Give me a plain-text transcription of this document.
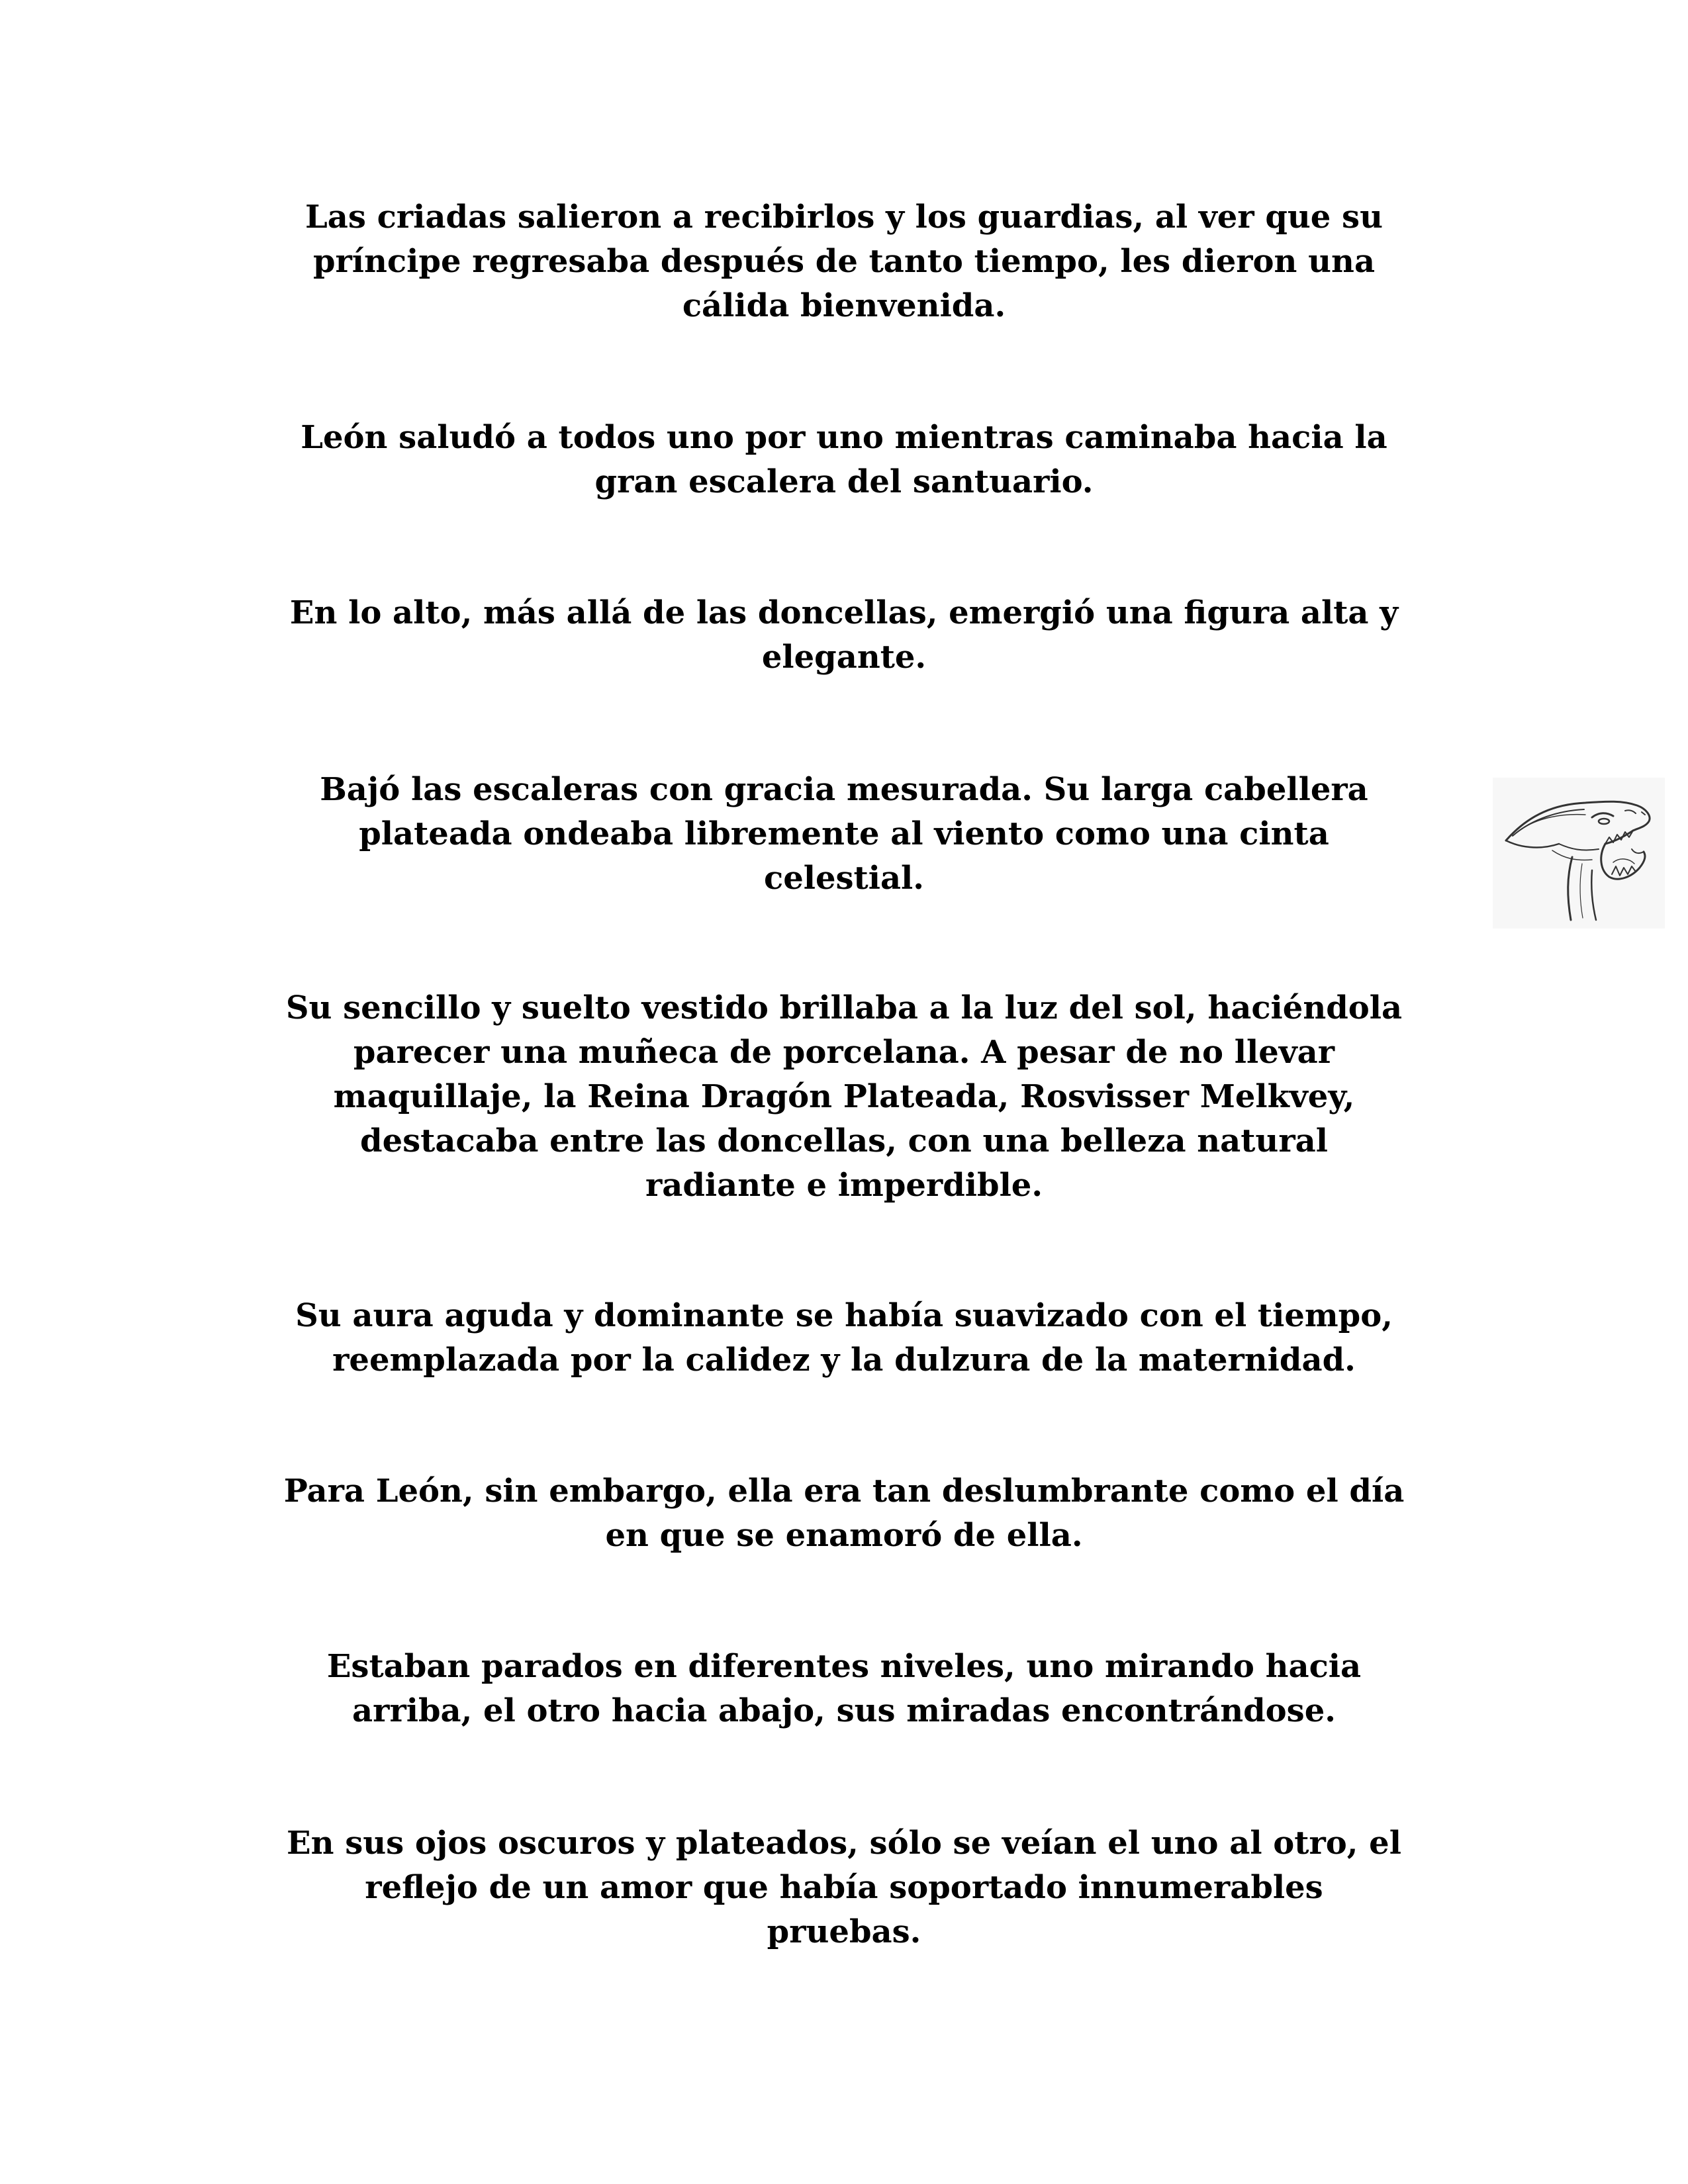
Las criadas salieron a recibirlos y los guardias, al ver que su
príncipe regresaba después de tanto tiempo, les dieron una
cálida bienvenida.
León saludó a todos uno por uno mientras caminaba hacia la
gran escalera del santuario.
En lo alto, más allá de las doncellas, emergió una figura alta y
elegante.
Bajó las escaleras con gracia mesurada. Su larga cabellera
plateada ondeaba libremente al viento como una cinta
celestial.
Su sencillo y suelto vestido brillaba a la luz del sol, haciéndola
parecer una muñeca de porcelana. A pesar de no llevar
maquillaje, la Reina Dragón Plateada, Rosvisser Melkvey,
destacaba entre las doncellas, con una belleza natural
radiante e imperdible.
Su aura aguda y dominante se había suavizado con el tiempo,
reemplazada por la calidez y la dulzura de la maternidad.
Para León, sin embargo, ella era tan deslumbrante como el día
en que se enamoró de ella.
Estaban parados en diferentes niveles, uno mirando hacia
arriba, el otro hacia abajo, sus miradas encontrándose.
En sus ojos oscuros y plateados, sólo se veían el uno al otro, el
reflejo de un amor que había soportado innumerables
pruebas.
